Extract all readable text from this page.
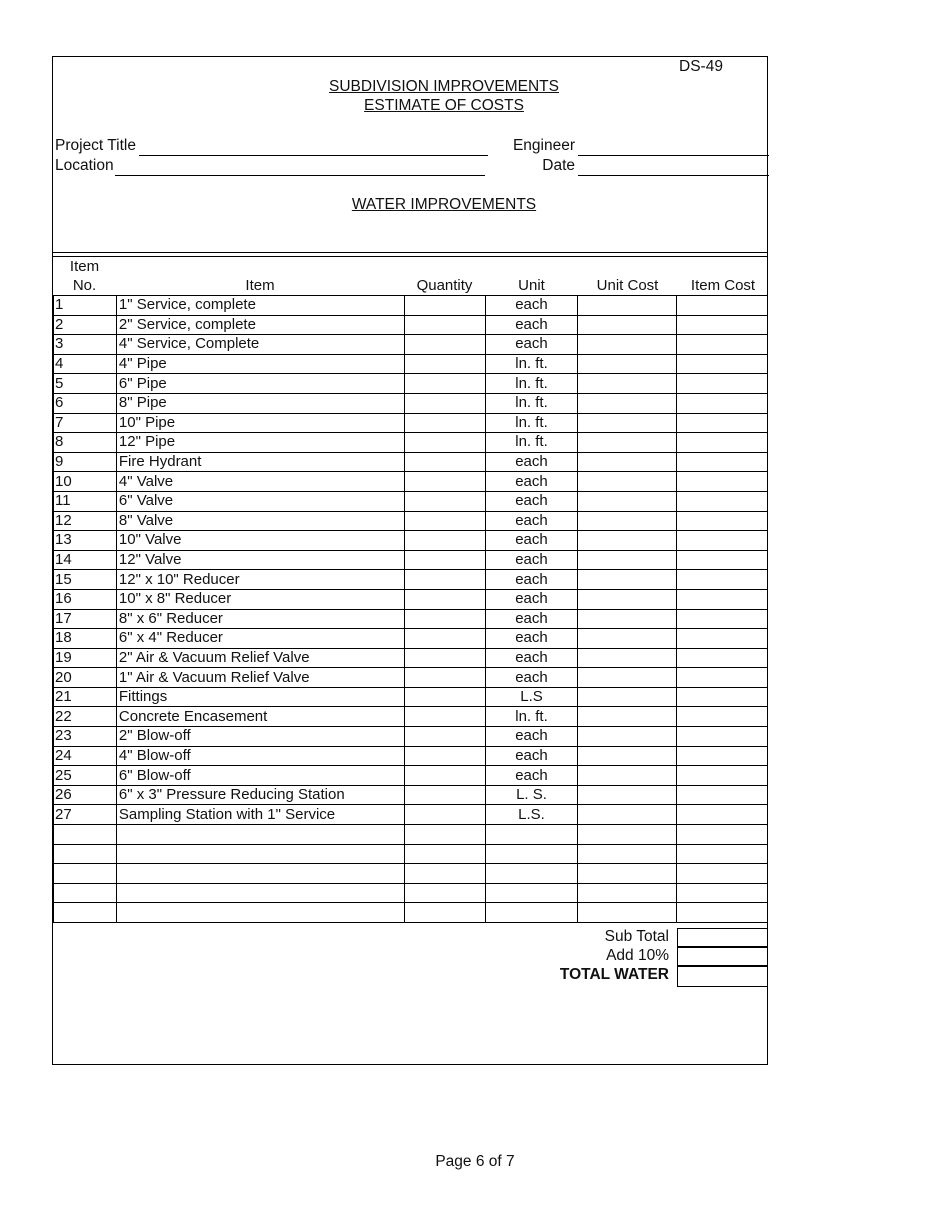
DS-49
SUBDIVISION IMPROVEMENTS
ESTIMATE OF COSTS
Project Title
Location
Engineer
Date
WATER IMPROVEMENTS
Item
No.	Item	Quantity	Unit	Unit Cost	Item Cost
1	1" Service, complete		each		
2	2" Service, complete		each		
3	4" Service, Complete		each		
4	4" Pipe		ln. ft.		
5	6" Pipe		ln. ft.		
6	8" Pipe		ln. ft.		
7	10" Pipe		ln. ft.		
8	12" Pipe		ln. ft.		
9	Fire Hydrant		each		
10	4" Valve		each		
11	6" Valve		each		
12	8" Valve		each		
13	10" Valve		each		
14	12" Valve		each		
15	12" x 10" Reducer		each		
16	10" x 8" Reducer		each		
17	8" x 6" Reducer		each		
18	6" x 4" Reducer		each		
19	2" Air & Vacuum Relief Valve		each		
20	1" Air & Vacuum Relief Valve		each		
21	Fittings		L.S		
22	Concrete Encasement		ln. ft.		
23	2" Blow-off		each		
24	4" Blow-off		each		
25	6" Blow-off		each		
26	6" x 3" Pressure Reducing Station		L. S.		
27	Sampling Station with 1" Service		L.S.		

Sub Total
Add 10%
TOTAL WATER
Page 6 of 7
